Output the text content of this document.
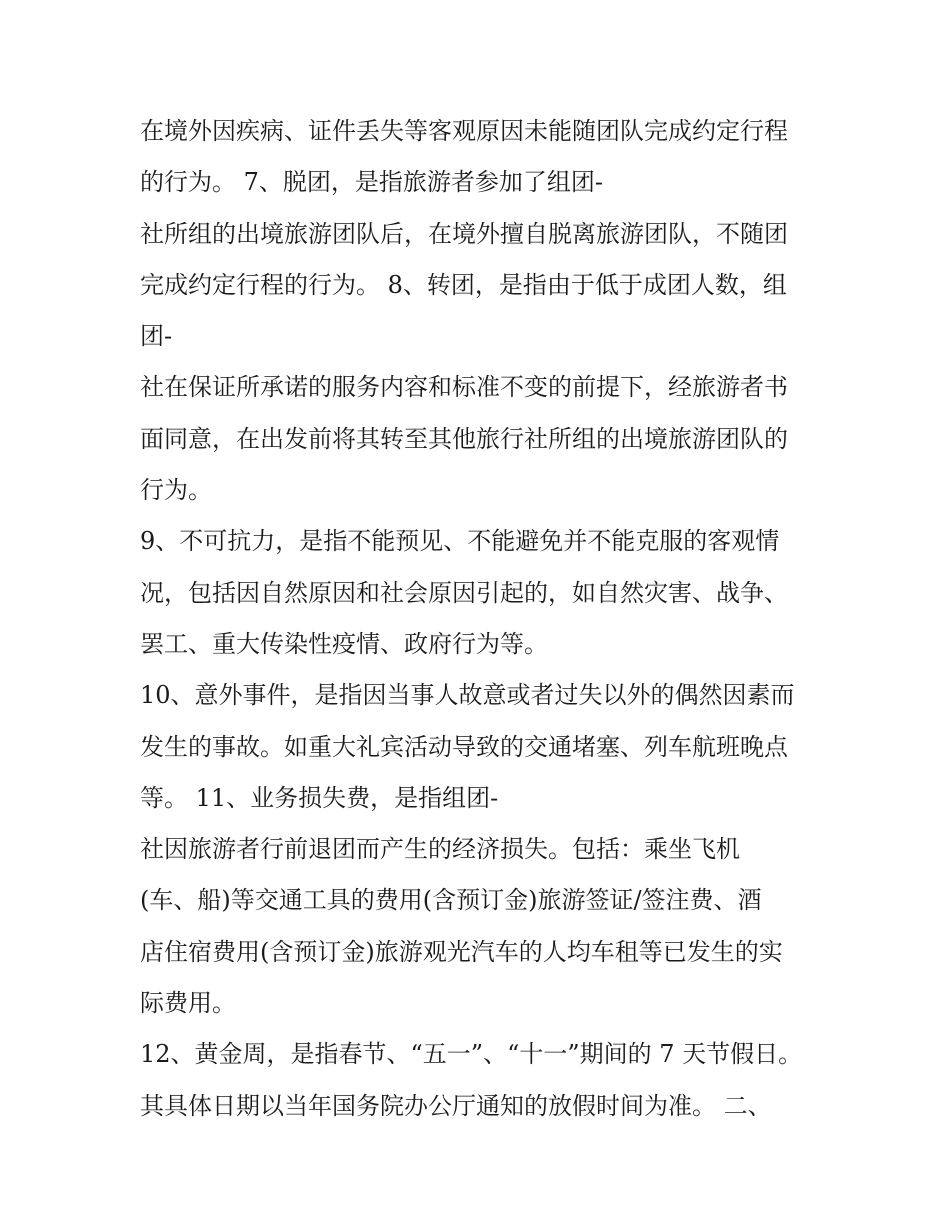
在境外因疾病、证件丢失等客观原因未能随团队完成约定行程
的行为。 7、脱团，是指旅游者参加了组团-
社所组的出境旅游团队后，在境外擅自脱离旅游团队，不随团
完成约定行程的行为。 8、转团，是指由于低于成团人数，组
团-
社在保证所承诺的服务内容和标准不变的前提下，经旅游者书
面同意，在出发前将其转至其他旅行社所组的出境旅游团队的
行为。
9、不可抗力，是指不能预见、不能避免并不能克服的客观情
况，包括因自然原因和社会原因引起的，如自然灾害、战争、
罢工、重大传染性疫情、政府行为等。
10、意外事件，是指因当事人故意或者过失以外的偶然因素而
发生的事故。如重大礼宾活动导致的交通堵塞、列车航班晚点
等。 11、业务损失费，是指组团-
社因旅游者行前退团而产生的经济损失。包括：乘坐飞机
(车、船)等交通工具的费用(含预订金)旅游签证/签注费、酒
店住宿费用(含预订金)旅游观光汽车的人均车租等已发生的实
际费用。
12、黄金周，是指春节、“五一”、“十一”期间的 7 天节假日。
其具体日期以当年国务院办公厅通知的放假时间为准。 二、
